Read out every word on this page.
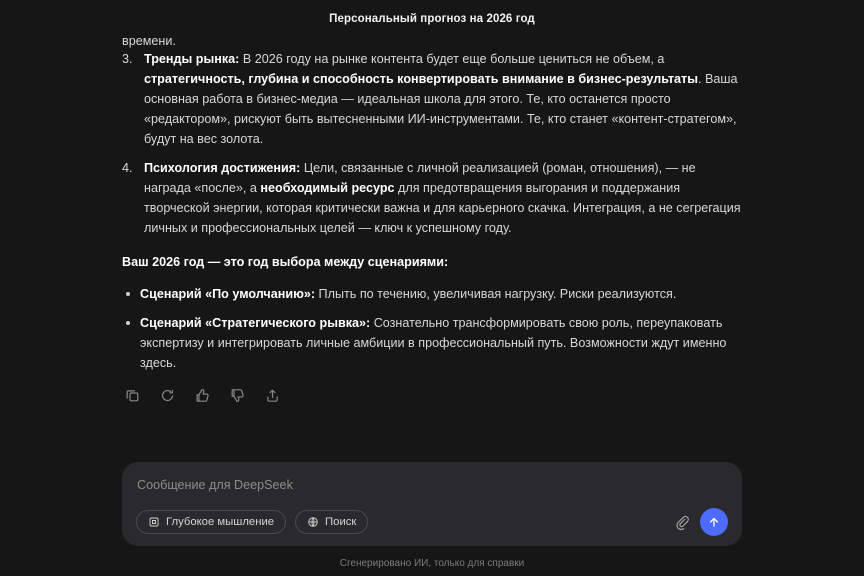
Персональный прогноз на 2026 год
времени.
3. Тренды рынка: В 2026 году на рынке контента будет еще больше цениться не объем, а стратегичность, глубина и способность конвертировать внимание в бизнес-результаты. Ваша основная работа в бизнес-медиа — идеальная школа для этого. Те, кто останется просто «редактором», рискуют быть вытесненными ИИ-инструментами. Те, кто станет «контент-стратегом», будут на вес золота.
4. Психология достижения: Цели, связанные с личной реализацией (роман, отношения), — не награда «после», а необходимый ресурс для предотвращения выгорания и поддержания творческой энергии, которая критически важна и для карьерного скачка. Интеграция, а не сегрегация личных и профессиональных целей — ключ к успешному году.
Ваш 2026 год — это год выбора между сценариями:
Сценарий «По умолчанию»: Плыть по течению, увеличивая нагрузку. Риски реализуются.
Сценарий «Стратегического рывка»: Сознательно трансформировать свою роль, переупаковать экспертизу и интегрировать личные амбиции в профессиональный путь. Возможности ждут именно здесь.
Сообщение для DeepSeek
Глубокое мышление	Поиск
Сгенерировано ИИ, только для справки
